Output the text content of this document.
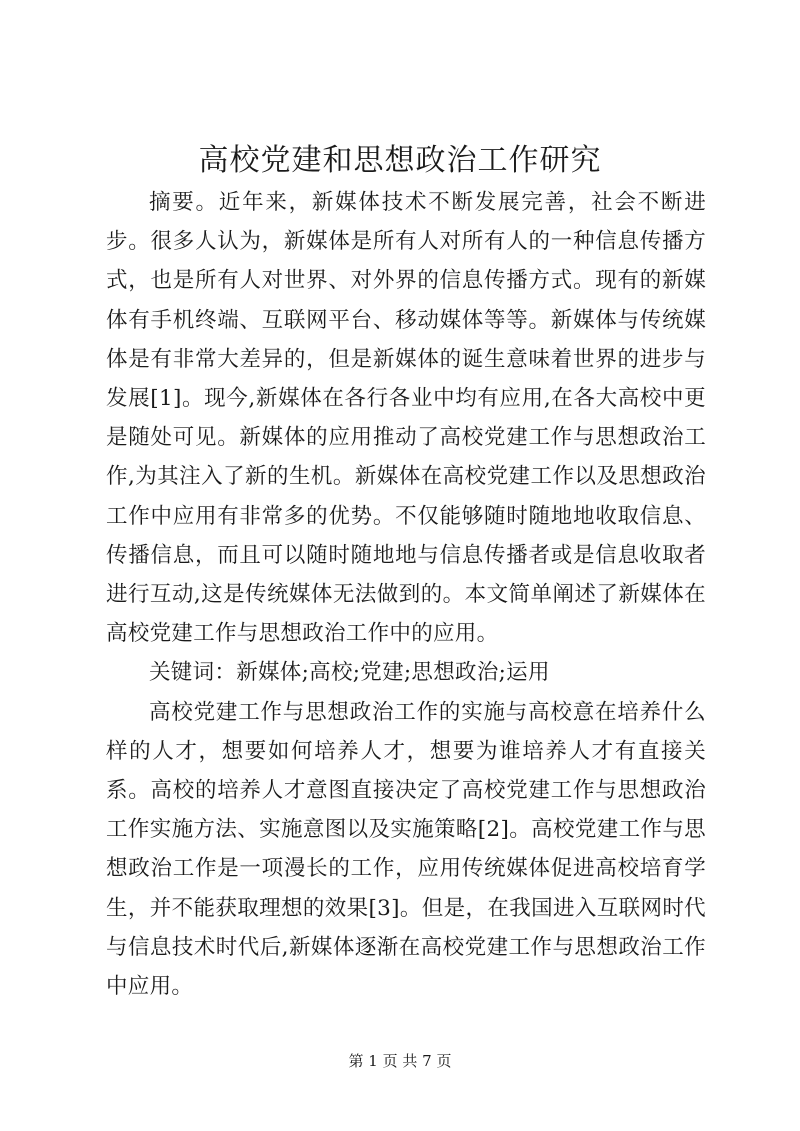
高校党建和思想政治工作研究

摘要。近年来，新媒体技术不断发展完善，社会不断进步。很多人认为，新媒体是所有人对所有人的一种信息传播方式，也是所有人对世界、对外界的信息传播方式。现有的新媒体有手机终端、互联网平台、移动媒体等等。新媒体与传统媒体是有非常大差异的，但是新媒体的诞生意味着世界的进步与发展[1]。现今,新媒体在各行各业中均有应用,在各大高校中更是随处可见。新媒体的应用推动了高校党建工作与思想政治工作,为其注入了新的生机。新媒体在高校党建工作以及思想政治工作中应用有非常多的优势。不仅能够随时随地地收取信息、传播信息，而且可以随时随地地与信息传播者或是信息收取者进行互动,这是传统媒体无法做到的。本文简单阐述了新媒体在高校党建工作与思想政治工作中的应用。

关键词：新媒体;高校;党建;思想政治;运用

高校党建工作与思想政治工作的实施与高校意在培养什么样的人才，想要如何培养人才，想要为谁培养人才有直接关系。高校的培养人才意图直接决定了高校党建工作与思想政治工作实施方法、实施意图以及实施策略[2]。高校党建工作与思想政治工作是一项漫长的工作，应用传统媒体促进高校培育学生，并不能获取理想的效果[3]。但是，在我国进入互联网时代与信息技术时代后,新媒体逐渐在高校党建工作与思想政治工作中应用。

第 1 页 共 7 页
